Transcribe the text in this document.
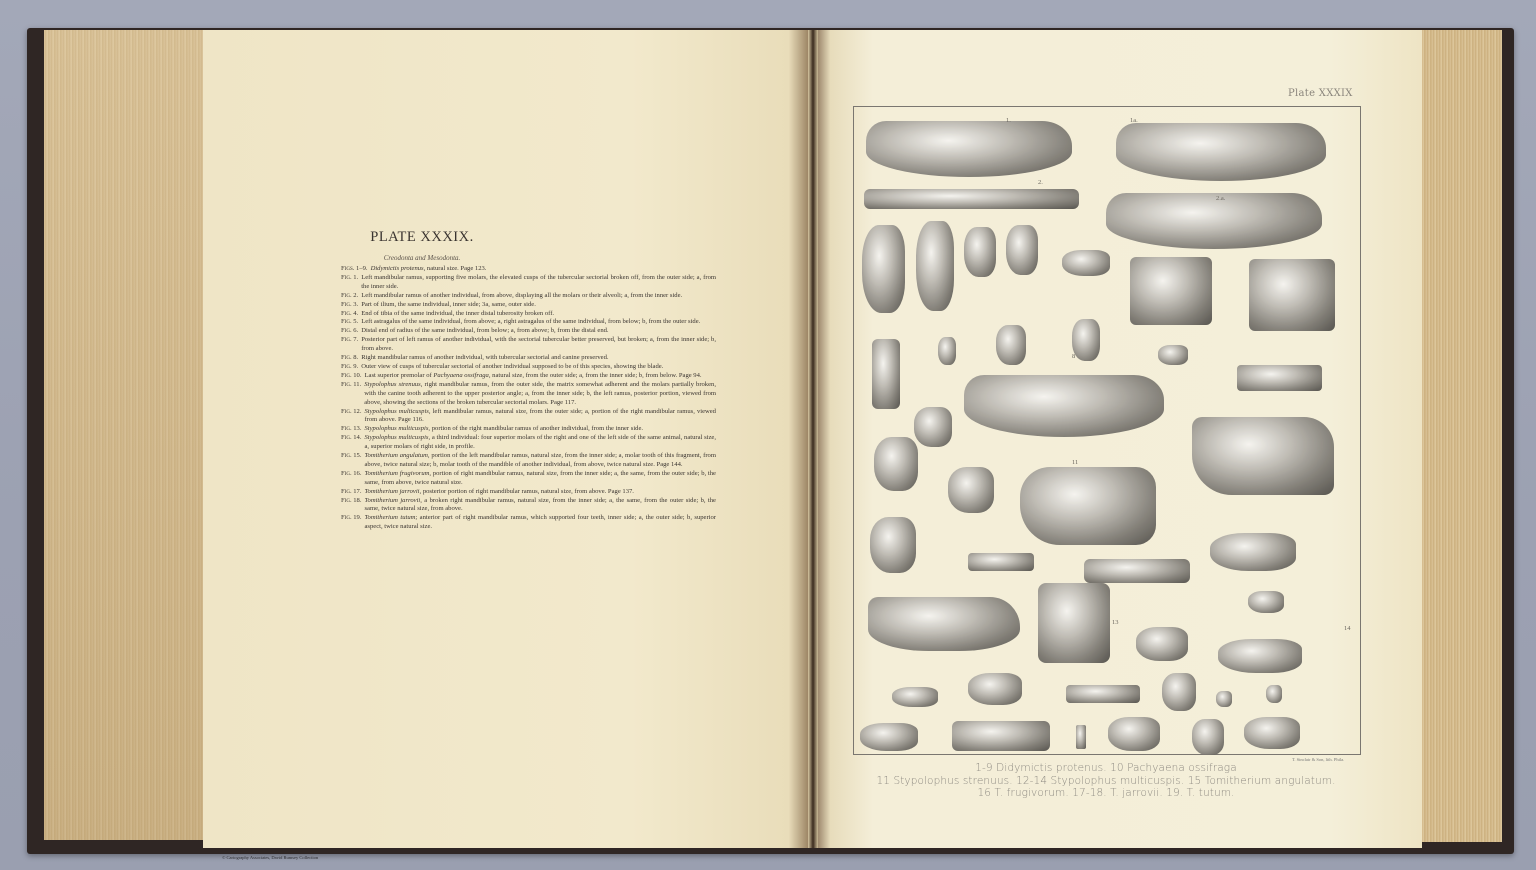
PLATE XXXIX.
Creodonta and Mesodonta.
Figs. 1–9. Didymictis protenus, natural size. Page 123.
Fig. 1. Left mandibular ramus, supporting five molars, the elevated cusps of the tubercular sectorial broken off, from the outer side; a, from the inner side.
Fig. 2. Left mandibular ramus of another individual, from above, displaying all the molars or their alveoli; a, from the inner side.
Fig. 3. Part of ilium, the same individual, inner side; 3a, same, outer side.
Fig. 4. End of tibia of the same individual, the inner distal tuberosity broken off.
Fig. 5. Left astragalus of the same individual, from above; a, right astragalus of the same individual, from below; b, from the outer side.
Fig. 6. Distal end of radius of the same individual, from below; a, from above; b, from the distal end.
Fig. 7. Posterior part of left ramus of another individual, with the sectorial tubercular better preserved, but broken; a, from the inner side; b, from above.
Fig. 8. Right mandibular ramus of another individual, with tubercular sectorial and canine preserved.
Fig. 9. Outer view of cusps of tubercular sectorial of another individual supposed to be of this species, showing the blade.
Fig. 10. Last superior premolar of Pachyaena ossifraga, natural size, from the outer side; a, from the inner side; b, from below. Page 94.
Fig. 11. Stypolophus strenuus, right mandibular ramus, from the outer side, the matrix somewhat adherent and the molars partially broken, with the canine tooth adherent to the upper posterior angle; a, from the inner side; b, the left ramus, posterior portion, viewed from above, showing the sections of the broken tubercular sectorial molars. Page 117.
Fig. 12. Stypolophus multicuspis, left mandibular ramus, natural size, from the outer side; a, portion of the right mandibular ramus, viewed from above. Page 116.
Fig. 13. Stypolophus multicuspis, portion of the right mandibular ramus of another individual, from the inner side.
Fig. 14. Stypolophus multicuspis, a third individual: four superior molars of the right and one of the left side of the same animal, natural size, a, superior molars of right side, in profile.
Fig. 15. Tomitherium angulatum, portion of the left mandibular ramus, natural size, from the inner side; a, molar tooth of this fragment, from above, twice natural size; b, molar tooth of the mandible of another individual, from above, twice natural size. Page 144.
Fig. 16. Tomitherium frugivorum, portion of right mandibular ramus, natural size, from the inner side; a, the same, from the outer side; b, the same, from above, twice natural size.
Fig. 17. Tomitherium jarrovii, posterior portion of right mandibular ramus, natural size, from above. Page 137.
Fig. 18. Tomitherium jarrovii, a broken right mandibular ramus, natural size, from the inner side; a, the same, from the outer side; b, the same, twice natural size, from above.
Fig. 19. Tomitherium tutum; anterior part of right mandibular ramus, which supported four teeth, inner side; a, the outer side; b, superior aspect, twice natural size.
Plate XXXIX
1.	1a.
2.
2.a.
8
11
13
14
T. Sinclair & Son, lith. Phila.
1-9 Didymictis protenus. 10 Pachyaena ossifraga
11 Stypolophus strenuus. 12-14 Stypolophus multicuspis. 15 Tomitherium angulatum.
16 T. frugivorum. 17-18. T. jarrovii. 19. T. tutum.
© Cartography Associates, David Rumsey Collection
